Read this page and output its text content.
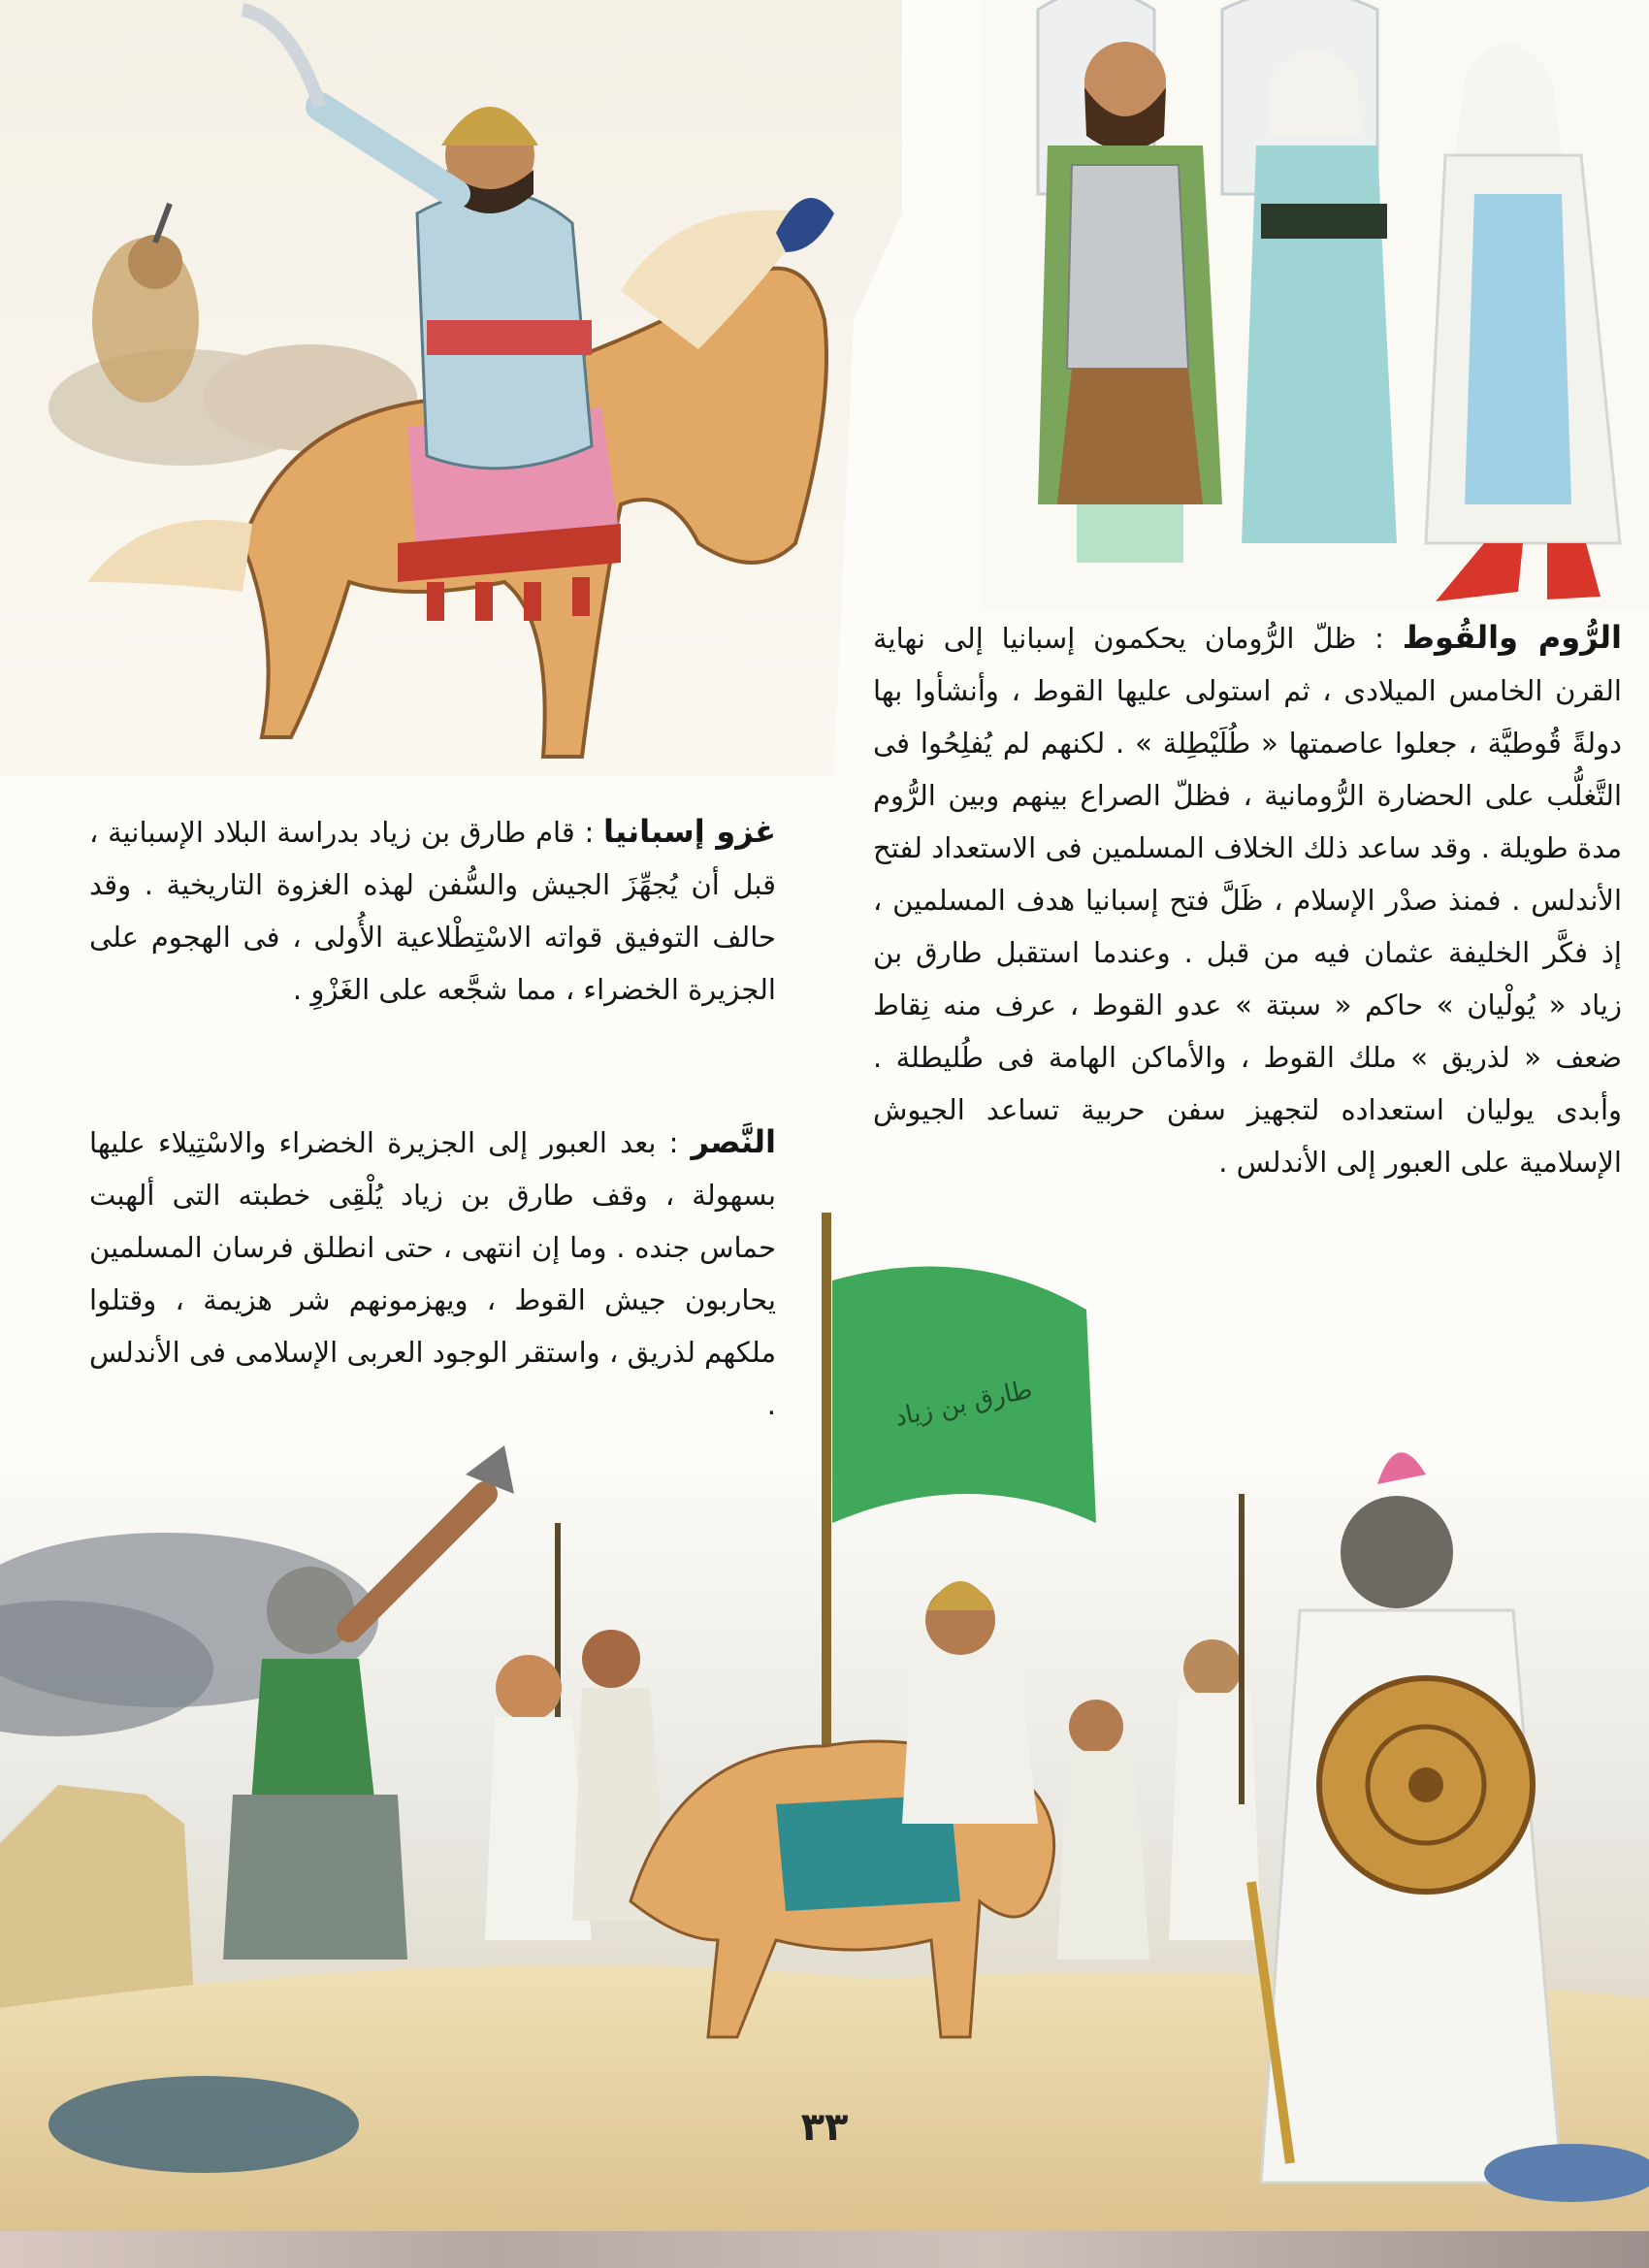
الرُّوم والقُوط : ظلّ الرُّومان يحكمون إسبانيا إلى نهاية القرن الخامس الميلادى ، ثم استولى عليها القوط ، وأنشأوا بها دولةً قُوطيَّة ، جعلوا عاصمتها « طُلَيْطِلة » . لكنهم لم يُفلِحُوا فى التَّغلُّب على الحضارة الرُّومانية ، فظلّ الصراع بينهم وبين الرُّوم مدة طويلة . وقد ساعد ذلك الخلاف المسلمين فى الاستعداد لفتح الأندلس . فمنذ صدْر الإسلام ، ظَلَّ فتح إسبانيا هدف المسلمين ، إذ فكَّر الخليفة عثمان فيه من قبل . وعندما استقبل طارق بن زياد « يُولْيان » حاكم « سبتة » عدو القوط ، عرف منه نِقاط ضعف « لذريق » ملك القوط ، والأماكن الهامة فى طُليطلة . وأبدى يوليان استعداده لتجهيز سفن حربية تساعد الجيوش الإسلامية على العبور إلى الأندلس .
غزو إسبانيا : قام طارق بن زياد بدراسة البلاد الإسبانية ، قبل أن يُجهِّزَ الجيش والسُّفن لهذه الغزوة التاريخية . وقد حالف التوفيق قواته الاسْتِطْلاعية الأُولى ، فى الهجوم على الجزيرة الخضراء ، مما شجَّعه على الغَزْوِ .
النَّصر : بعد العبور إلى الجزيرة الخضراء والاسْتِيلاء عليها بسهولة ، وقف طارق بن زياد يُلْقِى خطبته التى ألهبت حماس جنده . وما إن انتهى ، حتى انطلق فرسان المسلمين يحاربون جيش القوط ، ويهزمونهم شر هزيمة ، وقتلوا ملكهم لذريق ، واستقر الوجود العربى الإسلامى فى الأندلس .	طارق بن زياد
٣٣
